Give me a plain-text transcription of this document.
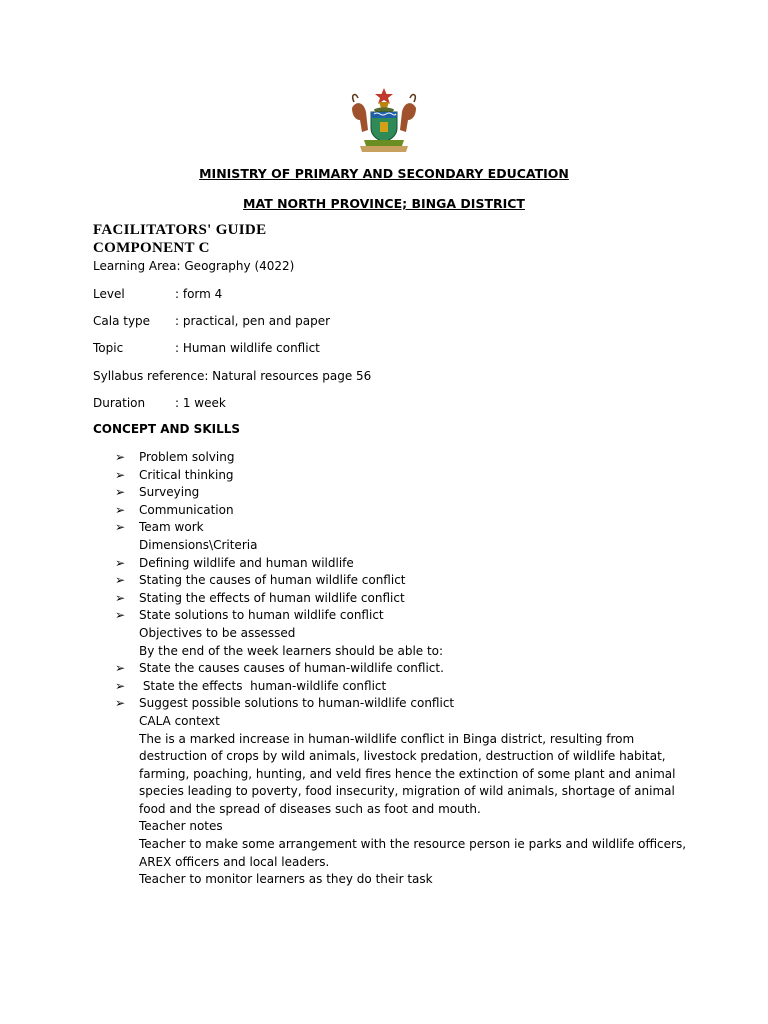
MINISTRY OF PRIMARY AND SECONDARY EDUCATION
MAT NORTH PROVINCE; BINGA DISTRICT
FACILITATORS' GUIDE
COMPONENT C
Learning Area: Geography (4022)
Level	: form 4
Cala type : practical, pen and paper
Topic	: Human wildlife conflict
Syllabus reference: Natural resources page 56
Duration : 1 week
CONCEPT AND SKILLS
➢ Problem solving
➢ Critical thinking
➢ Surveying
➢ Communication
➢ Team work
Dimensions\Criteria
➢ Defining wildlife and human wildlife
➢ Stating the causes of human wildlife conflict
➢ Stating the effects of human wildlife conflict
➢ State solutions to human wildlife conflict
Objectives to be assessed
By the end of the week learners should be able to:
➢ State the causes causes of human-wildlife conflict.
➢ State the effects  human-wildlife conflict
➢ Suggest possible solutions to human-wildlife conflict
CALA context
The is a marked increase in human-wildlife conflict in Binga district, resulting from
destruction of crops by wild animals, livestock predation, destruction of wildlife habitat,
farming, poaching, hunting, and veld fires hence the extinction of some plant and animal
species leading to poverty, food insecurity, migration of wild animals, shortage of animal
food and the spread of diseases such as foot and mouth.
Teacher notes
Teacher to make some arrangement with the resource person ie parks and wildlife officers,
AREX officers and local leaders.
Teacher to monitor learners as they do their task
